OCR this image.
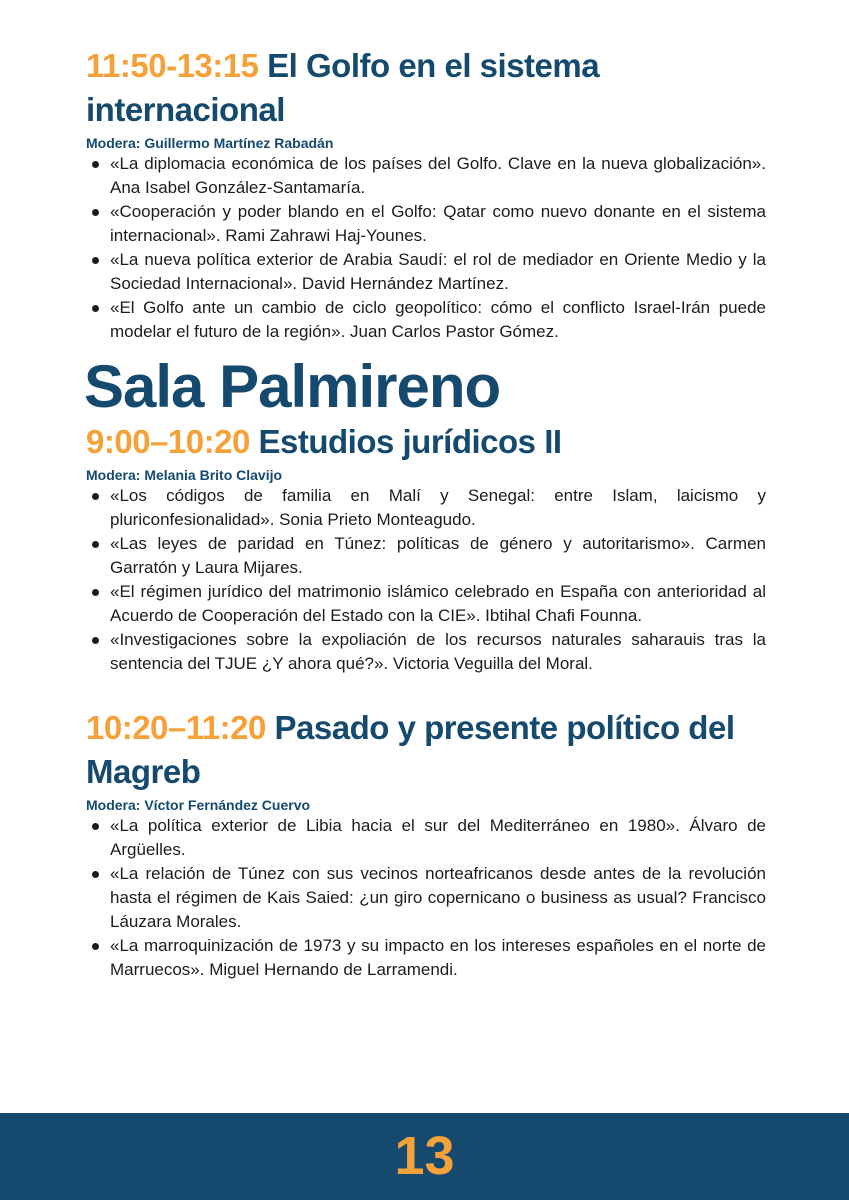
11:50-13:15 El Golfo en el sistema internacional

Modera: Guillermo Martínez Rabadán

«La diplomacia económica de los países del Golfo. Clave en la nueva globalización». Ana Isabel González-Santamaría.
«Cooperación y poder blando en el Golfo: Qatar como nuevo donante en el sistema internacional». Rami Zahrawi Haj-Younes.
«La nueva política exterior de Arabia Saudí: el rol de mediador en Oriente Medio y la Sociedad Internacional». David Hernández Martínez.
«El Golfo ante un cambio de ciclo geopolítico: cómo el conflicto Israel-Irán puede modelar el futuro de la región». Juan Carlos Pastor Gómez.
Sala Palmireno
9:00–10:20 Estudios jurídicos II

Modera: Melania Brito Clavijo

«Los códigos de familia en Malí y Senegal: entre Islam, laicismo y pluriconfesionalidad». Sonia Prieto Monteagudo.
«Las leyes de paridad en Túnez: políticas de género y autoritarismo». Carmen Garratón y Laura Mijares.
«El régimen jurídico del matrimonio islámico celebrado en España con anterioridad al Acuerdo de Cooperación del Estado con la CIE». Ibtihal Chafi Founna.
«Investigaciones sobre la expoliación de los recursos naturales saharauis tras la sentencia del TJUE ¿Y ahora qué?». Victoria Veguilla del Moral.
10:20–11:20 Pasado y presente político del Magreb

Modera: Víctor Fernández Cuervo

«La política exterior de Libia hacia el sur del Mediterráneo en 1980». Álvaro de Argüelles.
«La relación de Túnez con sus vecinos norteafricanos desde antes de la revolución hasta el régimen de Kais Saied: ¿un giro copernicano o business as usual? Francisco Láuzara Morales.
«La marroquinización de 1973 y su impacto en los intereses españoles en el norte de Marruecos». Miguel Hernando de Larramendi.
13
